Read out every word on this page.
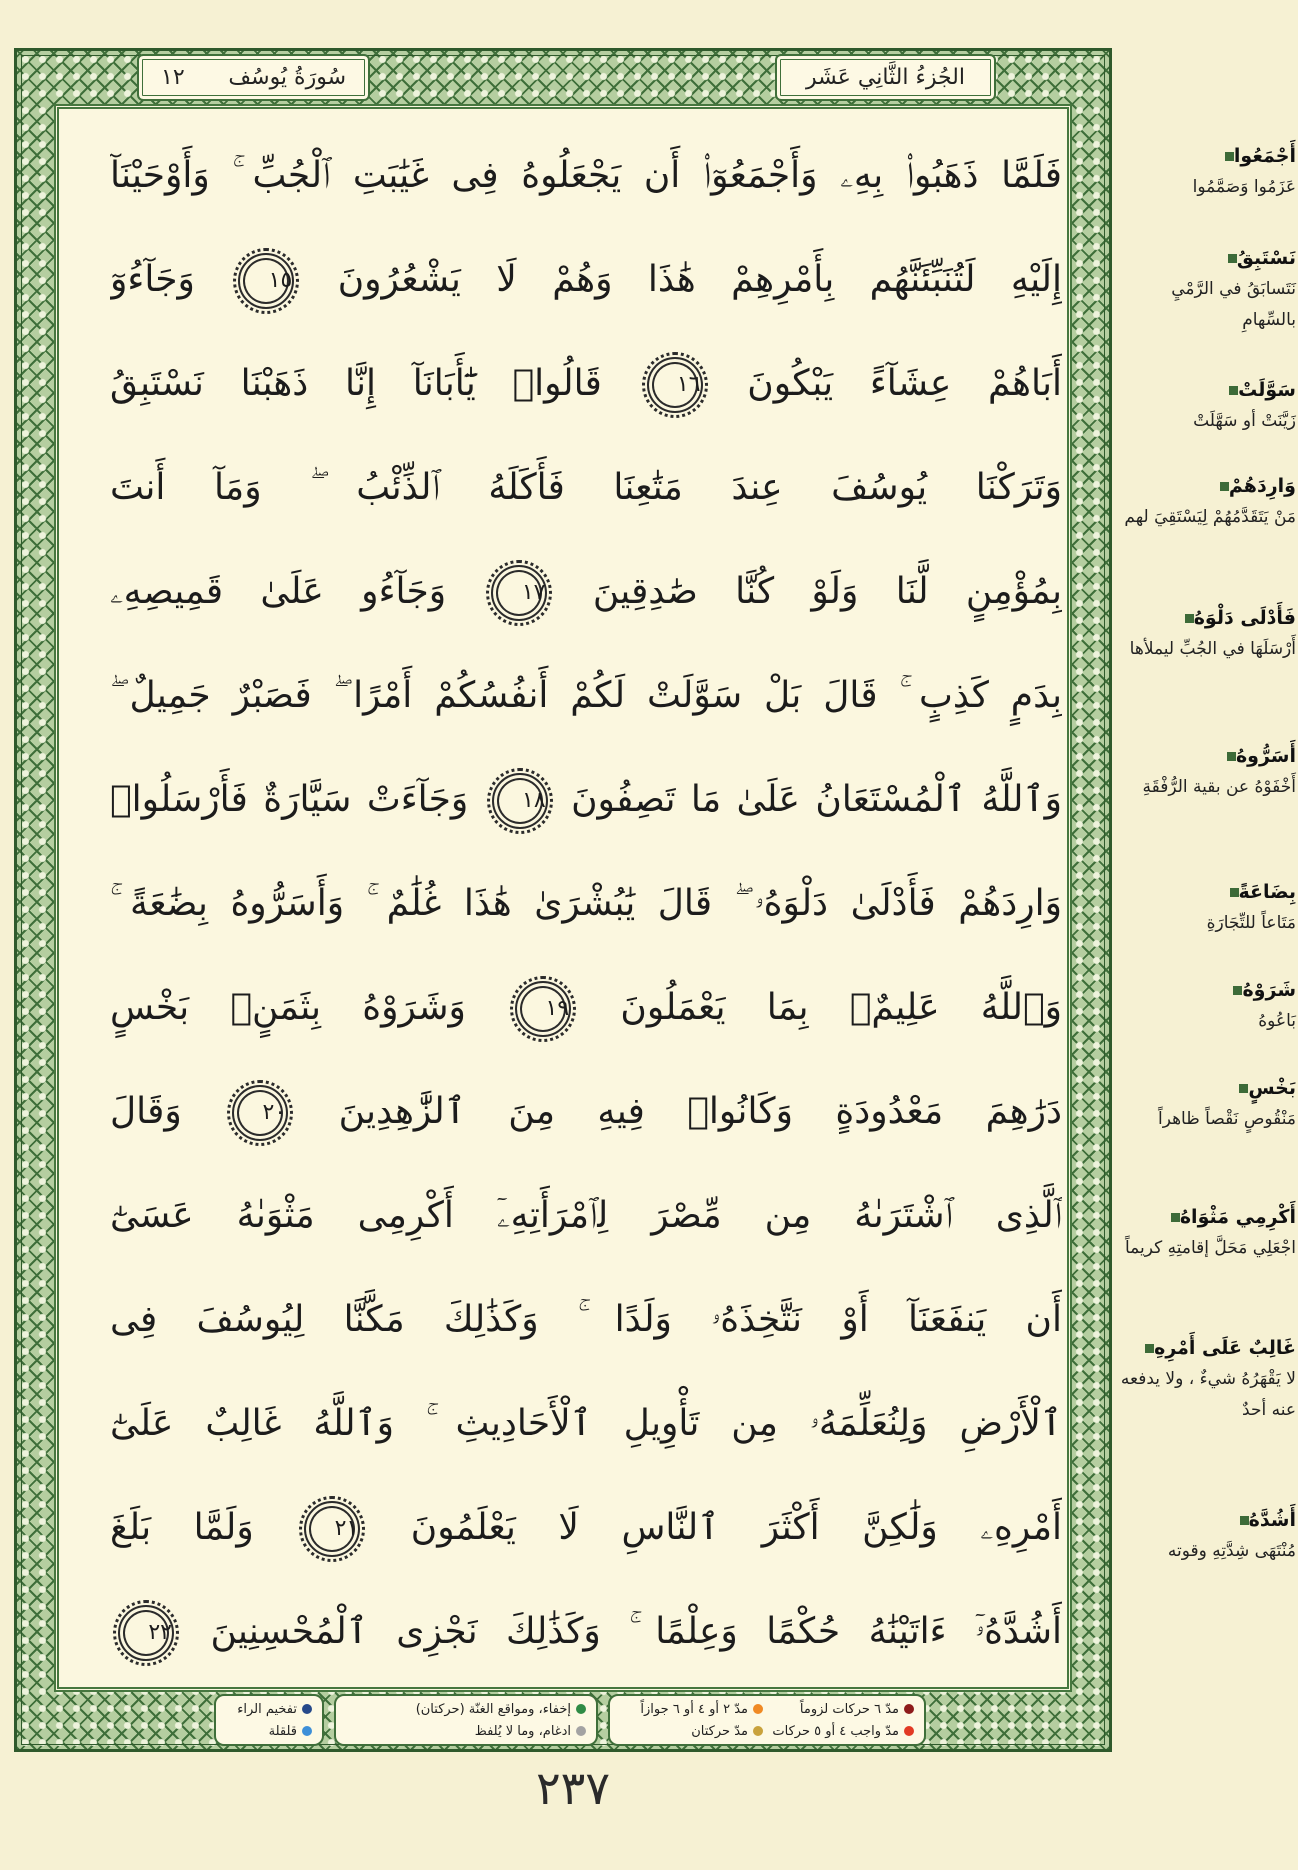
سُورَةُ يُوسُف
١٢	الجُزءُ الثَّانِي عَشَر
فَلَمَّا ذَهَبُوا۟ بِهِۦ وَأَجْمَعُوٓا۟ أَن يَجْعَلُوهُ فِى غَيَٰبَتِ ٱلْجُبِّ ۚ وَأَوْحَيْنَآ
إِلَيْهِ لَتُنَبِّئَنَّهُم بِأَمْرِهِمْ هَٰذَا وَهُمْ لَا يَشْعُرُونَ ١٥ وَجَآءُوٓ
أَبَاهُمْ عِشَآءً يَبْكُونَ ١٦ قَالُوا۟ يَٰٓأَبَانَآ إِنَّا ذَهَبْنَا نَسْتَبِقُ
وَتَرَكْنَا يُوسُفَ عِندَ مَتَٰعِنَا فَأَكَلَهُ ٱلذِّئْبُ ۖ وَمَآ أَنتَ
بِمُؤْمِنٍ لَّنَا وَلَوْ كُنَّا صَٰدِقِينَ ١٧ وَجَآءُو عَلَىٰ قَمِيصِهِۦ
بِدَمٍ كَذِبٍ ۚ قَالَ بَلْ سَوَّلَتْ لَكُمْ أَنفُسُكُمْ أَمْرًا ۖ فَصَبْرٌ جَمِيلٌ ۖ
وَٱللَّهُ ٱلْمُسْتَعَانُ عَلَىٰ مَا تَصِفُونَ ١٨ وَجَآءَتْ سَيَّارَةٌ فَأَرْسَلُوا۟
وَارِدَهُمْ فَأَدْلَىٰ دَلْوَهُۥ ۖ قَالَ يَٰبُشْرَىٰ هَٰذَا غُلَٰمٌ ۚ وَأَسَرُّوهُ بِضَٰعَةً ۚ
وَٱللَّهُ عَلِيمٌۢ بِمَا يَعْمَلُونَ ١٩ وَشَرَوْهُ بِثَمَنٍۭ بَخْسٍ
دَرَٰهِمَ مَعْدُودَةٍ وَكَانُوا۟ فِيهِ مِنَ ٱلزَّٰهِدِينَ ٢٠ وَقَالَ
ٱلَّذِى ٱشْتَرَىٰهُ مِن مِّصْرَ لِٱمْرَأَتِهِۦٓ أَكْرِمِى مَثْوَىٰهُ عَسَىٰٓ
أَن يَنفَعَنَآ أَوْ نَتَّخِذَهُۥ وَلَدًا ۚ وَكَذَٰلِكَ مَكَّنَّا لِيُوسُفَ فِى
ٱلْأَرْضِ وَلِنُعَلِّمَهُۥ مِن تَأْوِيلِ ٱلْأَحَادِيثِ ۚ وَٱللَّهُ غَالِبٌ عَلَىٰٓ
أَمْرِهِۦ وَلَٰكِنَّ أَكْثَرَ ٱلنَّاسِ لَا يَعْلَمُونَ ٢١ وَلَمَّا بَلَغَ
أَشُدَّهُۥٓ ءَاتَيْنَٰهُ حُكْمًا وَعِلْمًا ۚ وَكَذَٰلِكَ نَجْزِى ٱلْمُحْسِنِينَ ٢٢
أَجْمَعُوا
عَزَمُوا وَصَمَّمُوا
نَسْتَبِقُ
نَتَسابَقُ في الرَّمْيِ بالسِّهامِ
سَوَّلَتْ
زَيَّنَتْ أو سَهَّلَتْ
وَارِدَهُمْ
مَنْ يَتَقَدَّمُهُمْ لِيَسْتَقِيَ لهم
فَأَدْلَى دَلْوَهُ
أَرْسَلَهَا في الجُبِّ ليملأها
أَسَرُّوهُ
أَخْفَوْهُ عن بقية الرُّفْقَةِ
بِضَاعَةً
مَتَاعاً للتِّجَارَةِ
شَرَوْهُ
بَاعُوهُ
بَخْسٍ
مَنْقُوصٍ نَقْصاً ظاهراً
أَكْرِمِي مَثْوَاهُ
اجْعَلِي مَحَلَّ إقامتِهِ كريماً
غَالِبٌ عَلَى أَمْرِهِ
لا يَقْهَرُهُ شيءٌ ، ولا يدفعه عنه أحدٌ
أَشُدَّهُ
مُنْتَهَى شِدَّتِهِ وقوته
مدّ ٦ حركات لزوماً
مدّ ٢ أو ٤ أو ٦ جوازاً
مدّ واجب ٤ أو ٥ حركات
مدّ حركتان
إخفاء، ومواقع الغنّة (حركتان)
ادغام، وما لا يُلفظ
تفخيم الراء
قلقلة
٢٣٧
